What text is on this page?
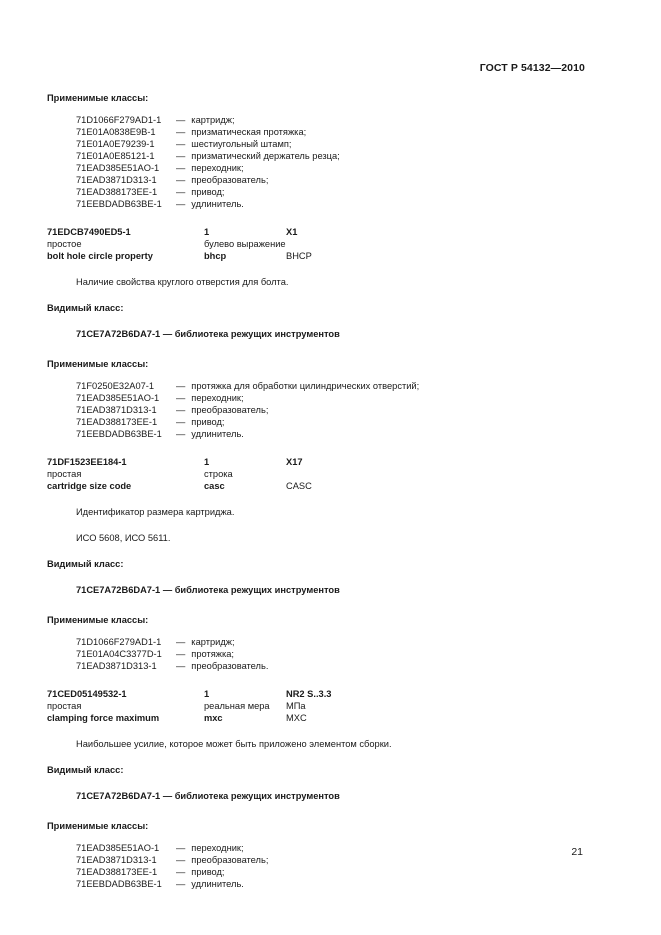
ГОСТ Р 54132—2010
Применимые классы:
71D1066F279AD1-1	— картридж;
71E01A0838E9B-1	— призматическая протяжка;
71E01A0E79239-1	— шестиугольный штамп;
71E01A0E85121-1	— призматический держатель резца;
71EAD385E51AO-1	— переходник;
71EAD3871D313-1	— преобразователь;
71EAD388173EE-1	— привод;
71EEBDADB63BE-1	— удлинитель.
71EDCB7490ED5-1	1	X1
простое	булево выражение
bolt hole circle property	bhcp	BHCP
Наличие свойства круглого отверстия для болта.
Видимый класс:
71CE7A72B6DA7-1 — библиотека режущих инструментов
Применимые классы:
71F0250E32A07-1	— протяжка для обработки цилиндрических отверстий;
71EAD385E51AO-1	— переходник;
71EAD3871D313-1	— преобразователь;
71EAD388173EE-1	— привод;
71EEBDADB63BE-1	— удлинитель.
71DF1523EE184-1	1	X17
простая	строка
cartridge size code	casc	CASC
Идентификатор размера картриджа.
ИСО 5608, ИСО 5611.
Видимый класс:
71CE7A72B6DA7-1 — библиотека режущих инструментов
Применимые классы:
71D1066F279AD1-1	— картридж;
71E01A04C3377D-1	— протяжка;
71EAD3871D313-1	— преобразователь.
71CED05149532-1	1	NR2 S..3.3
простая	реальная мера	МПа
clamping force maximum	mxc	MXC
Наибольшее усилие, которое может быть приложено элементом сборки.
Видимый класс:
71CE7A72B6DA7-1 — библиотека режущих инструментов
Применимые классы:
71EAD385E51AO-1	— переходник;
71EAD3871D313-1	— преобразователь;
71EAD388173EE-1	— привод;
71EEBDADB63BE-1	— удлинитель.
21
